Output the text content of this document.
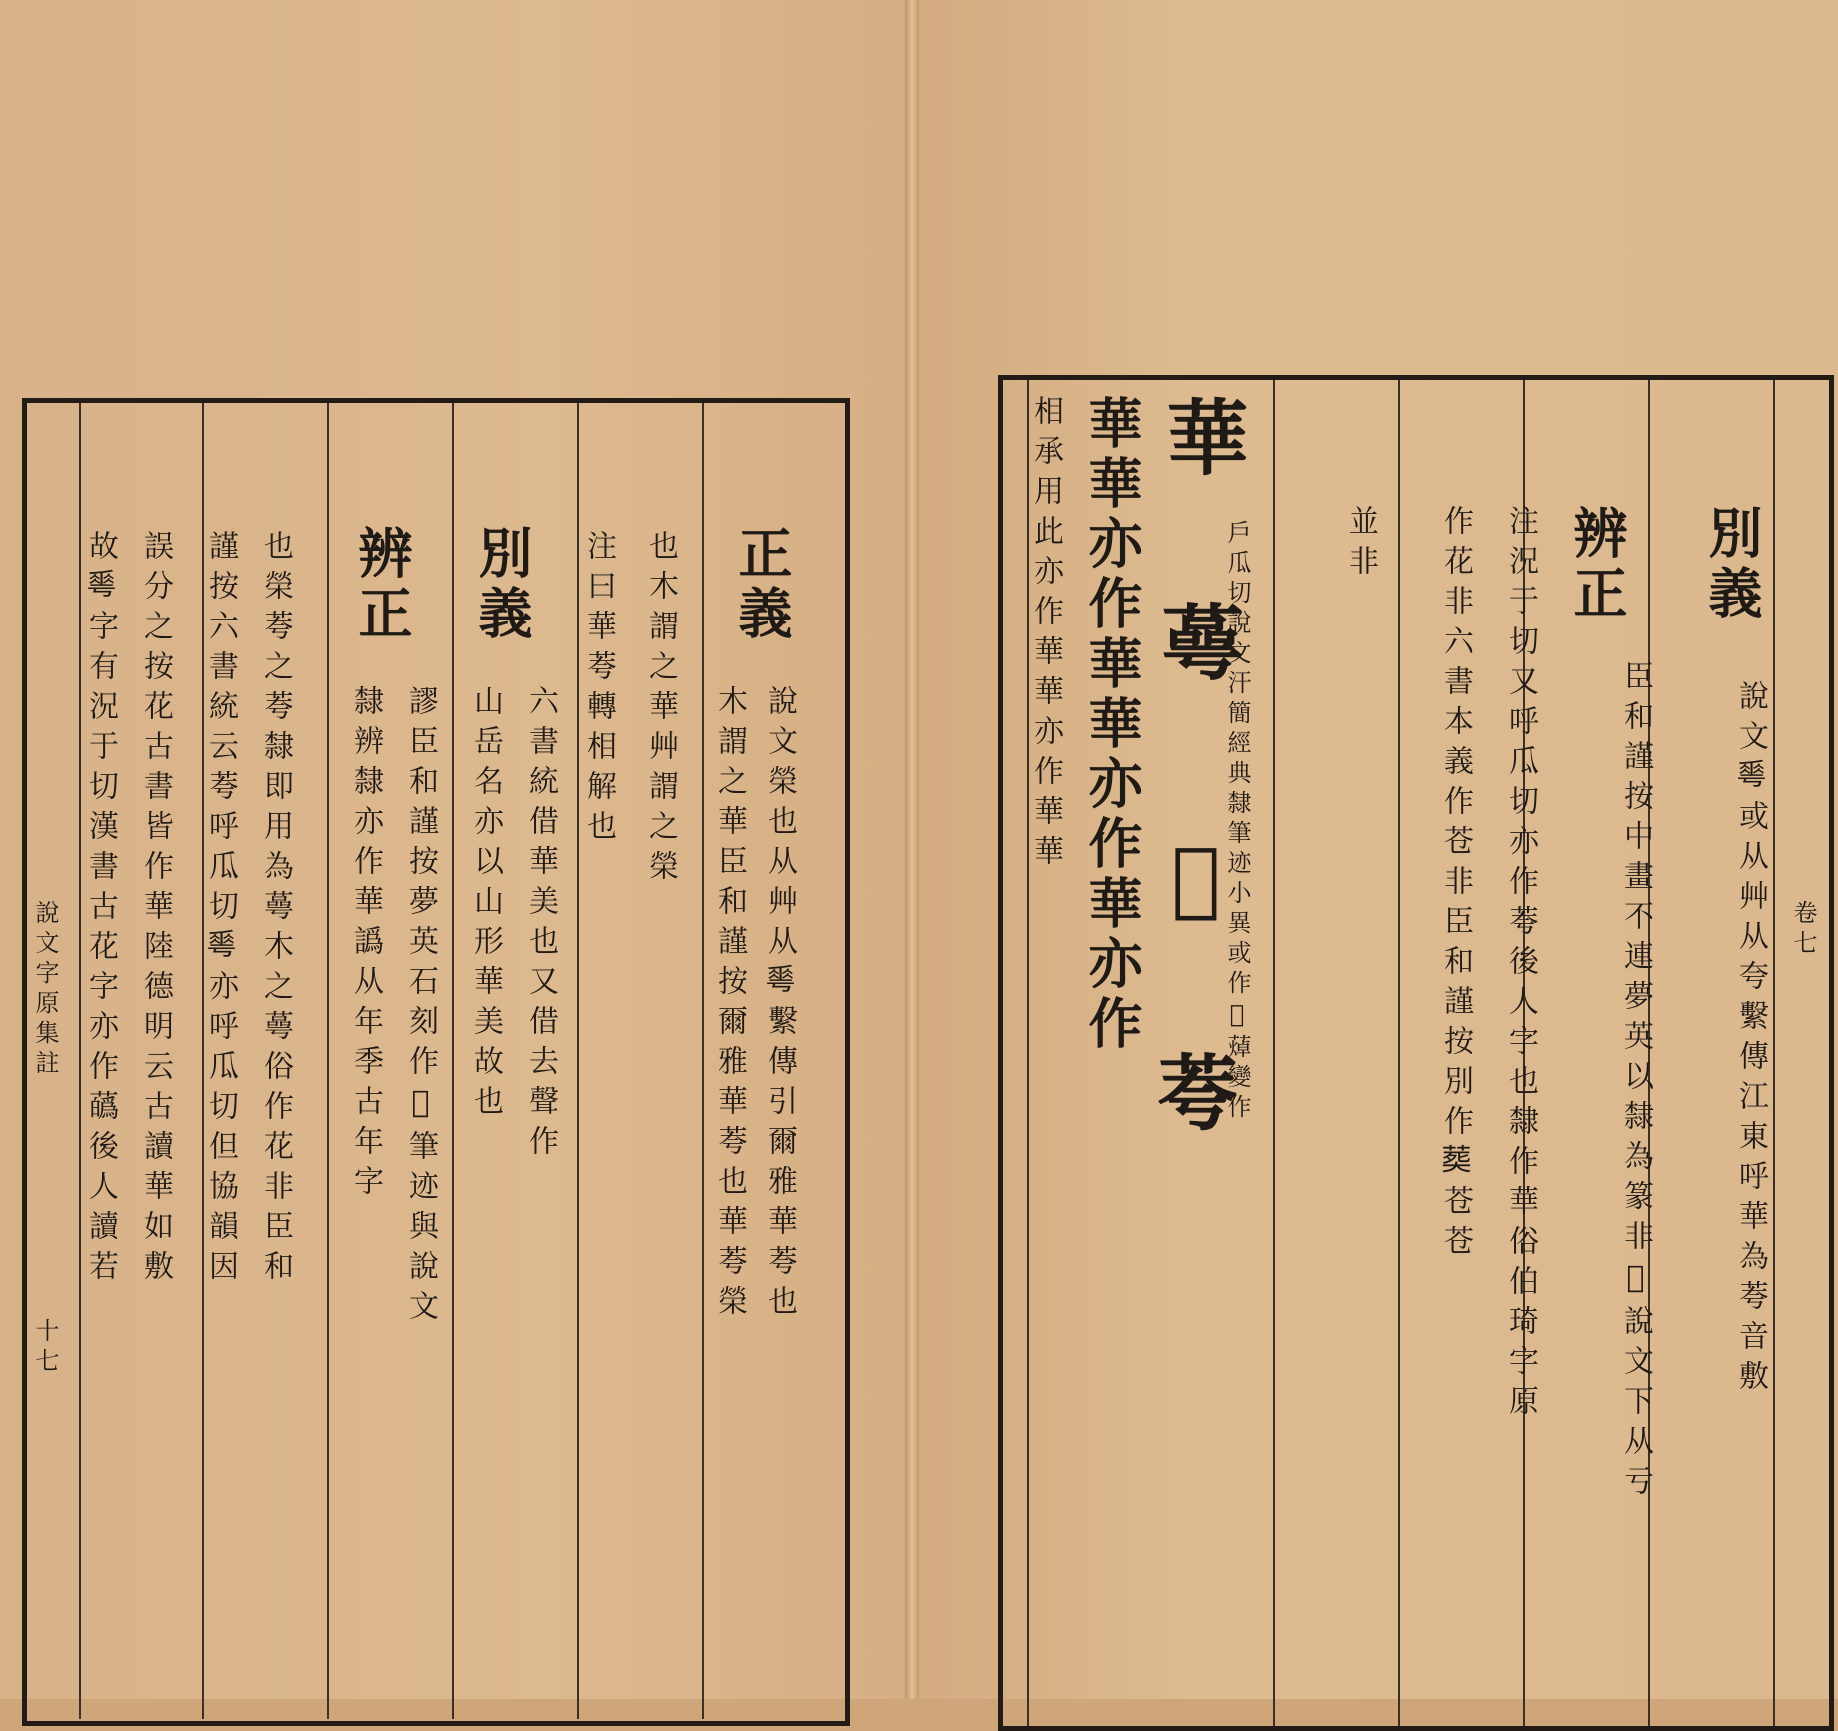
說文字原集註
十七
正義
說文榮也从艸从𠌶繫傳引爾雅華荂也
木謂之華臣和謹按爾雅華荂也華荂榮
也木謂之華艸謂之榮
注曰華荂轉相解也
別義
六書統借華美也又借去聲作
山岳名亦以山形華美故也
辨正
謬臣和謹按夢英石刻作𦻏筆迹與說文
隸辨隸亦作華譌从年季古年字
也榮荂之荂隸即用為蕚木之蕚俗作花非臣和
謹按六書統云荂呼瓜切𠌶亦呼瓜切但協韻因
誤分之按花古書皆作華陸德明云古讀華如敷
故𠌶字有況于切漢書古花字亦作蘤後人讀若	卷七
別義
說文𠌶或从艸从夸繫傳江東呼華為荂音敷
辨正
臣和謹按中畫不連夢英以隸為篆非𦻏說文下从亏
注況于切又呼瓜切亦作荂後人字也隸作華俗伯琦字原
作花非六書本義作苍非臣和謹按別作𦵏苍苍
並非
華
蕚
𦻏
荂
戶瓜切說文汗簡經典隸筆迹小異或作𦻏𦻐變作
華華亦作華華亦作華亦作
相承用此亦作華華亦作華華
